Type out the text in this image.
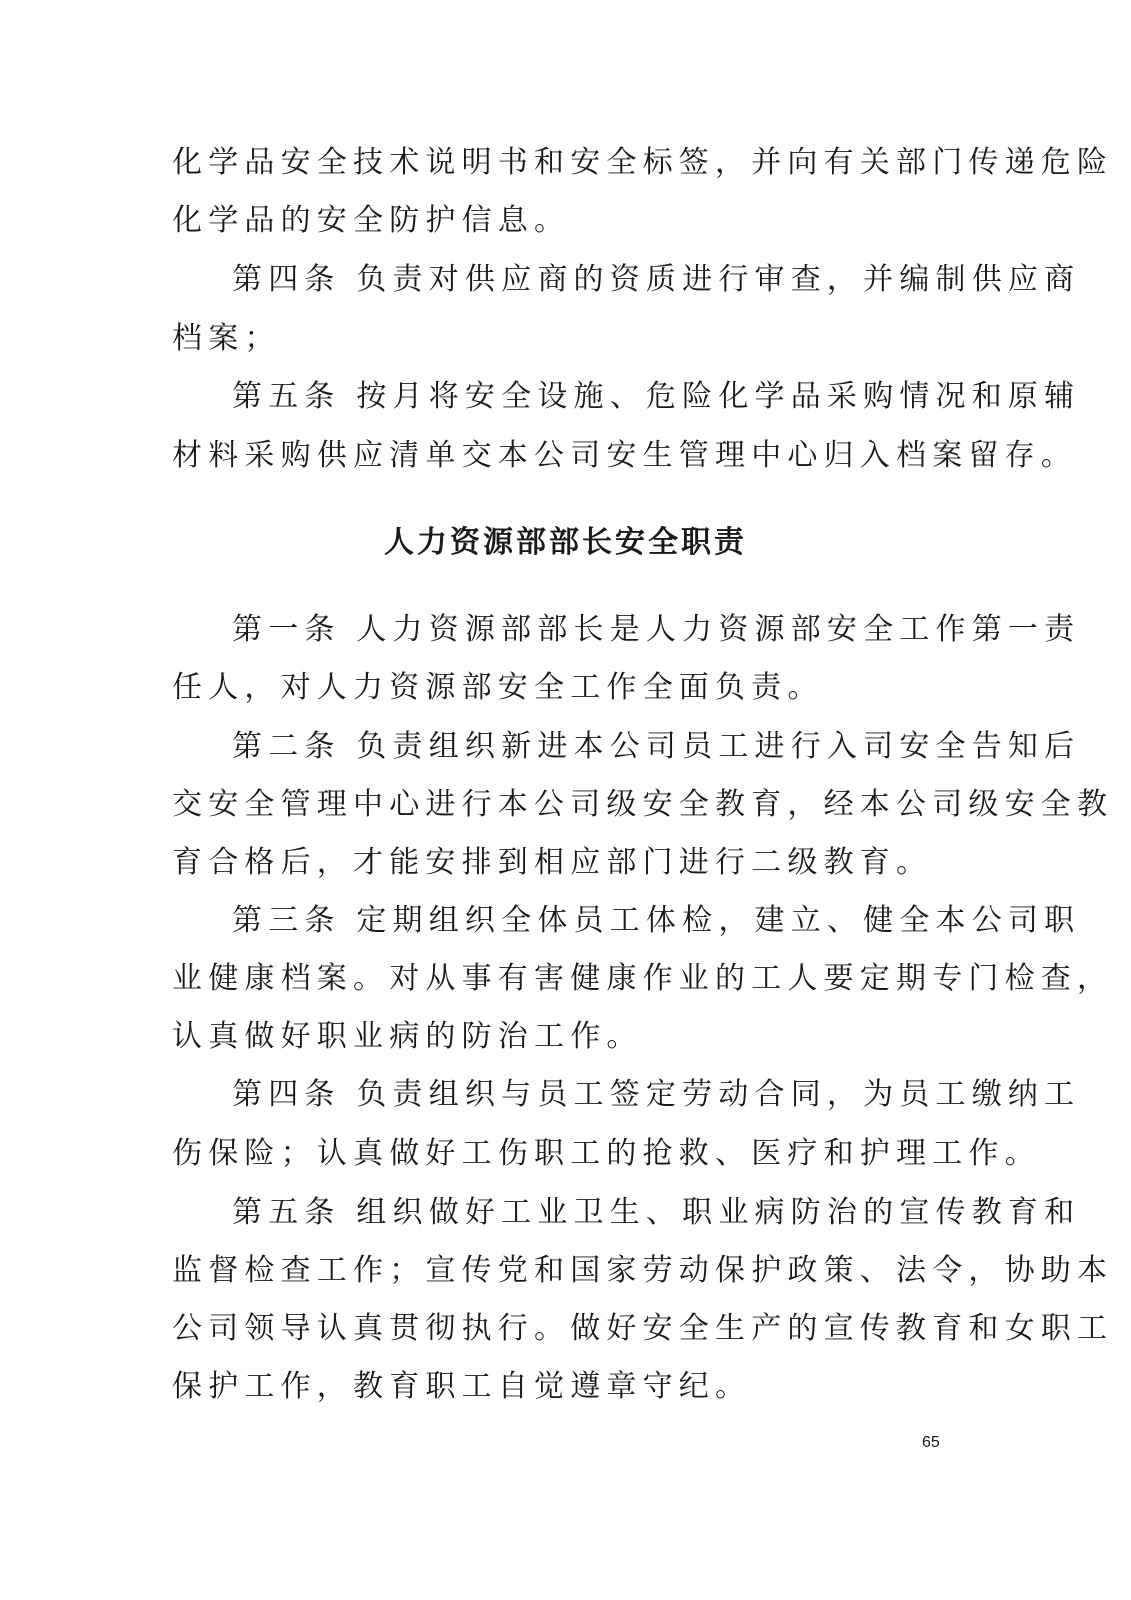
化学品安全技术说明书和安全标签，并向有关部门传递危险
化学品的安全防护信息。
第四条 负责对供应商的资质进行审查，并编制供应商
档案；
第五条 按月将安全设施、危险化学品采购情况和原辅
材料采购供应清单交本公司安生管理中心归入档案留存。
人力资源部部长安全职责
第一条 人力资源部部长是人力资源部安全工作第一责
任人，对人力资源部安全工作全面负责。
第二条 负责组织新进本公司员工进行入司安全告知后
交安全管理中心进行本公司级安全教育，经本公司级安全教
育合格后，才能安排到相应部门进行二级教育。
第三条 定期组织全体员工体检，建立、健全本公司职
业健康档案。对从事有害健康作业的工人要定期专门检查，
认真做好职业病的防治工作。
第四条 负责组织与员工签定劳动合同，为员工缴纳工
伤保险；认真做好工伤职工的抢救、医疗和护理工作。
第五条 组织做好工业卫生、职业病防治的宣传教育和
监督检查工作；宣传党和国家劳动保护政策、法令，协助本
公司领导认真贯彻执行。做好安全生产的宣传教育和女职工
保护工作，教育职工自觉遵章守纪。
65
